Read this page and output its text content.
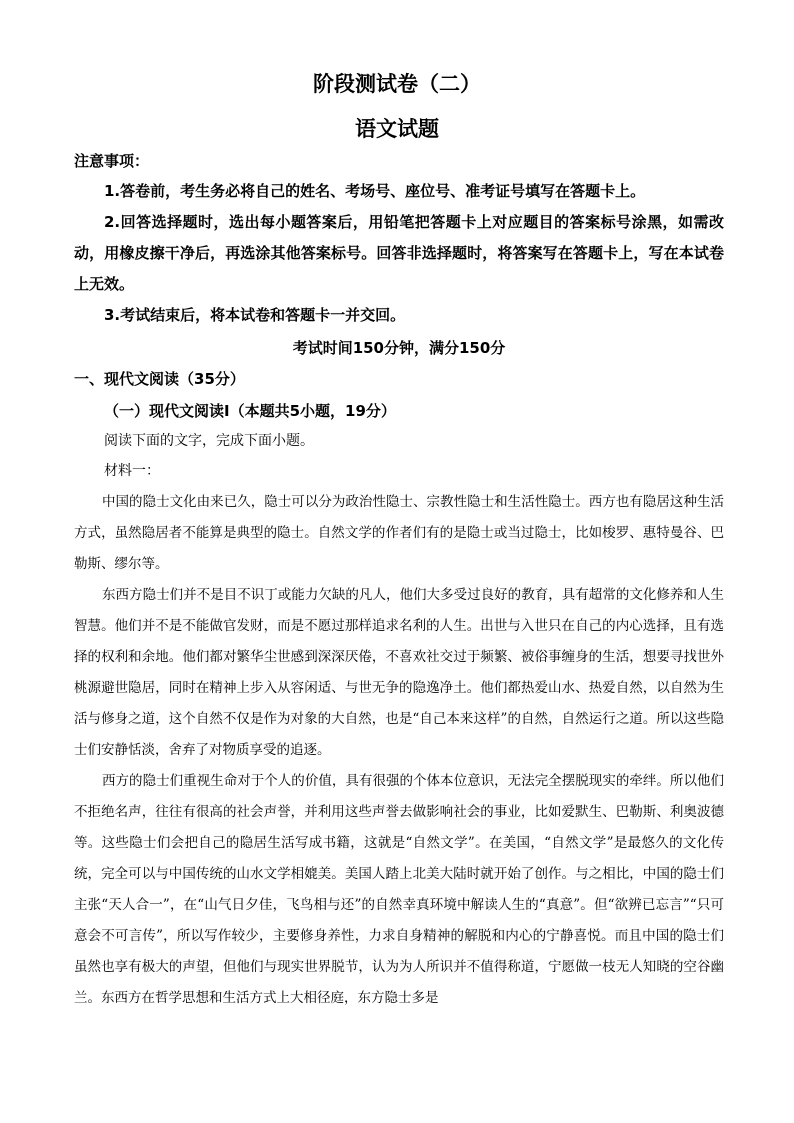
阶段测试卷（二）
语文试题
注意事项：
1.答卷前，考生务必将自己的姓名、考场号、座位号、准考证号填写在答题卡上。
2.回答选择题时，选出每小题答案后，用铅笔把答题卡上对应题目的答案标号涂黑，如需改动，用橡皮擦干净后，再选涂其他答案标号。回答非选择题时，将答案写在答题卡上，写在本试卷上无效。
3.考试结束后，将本试卷和答题卡一并交回。
考试时间150分钟，满分150分
一、现代文阅读（35分）
（一）现代文阅读Ⅰ（本题共5小题，19分）
阅读下面的文字，完成下面小题。
材料一：

中国的隐士文化由来已久，隐士可以分为政治性隐士、宗教性隐士和生活性隐士。西方也有隐居这种生活方式，虽然隐居者不能算是典型的隐士。自然文学的作者们有的是隐士或当过隐士，比如梭罗、惠特曼谷、巴勒斯、缪尔等。

东西方隐士们并不是目不识丁或能力欠缺的凡人，他们大多受过良好的教育，具有超常的文化修养和人生智慧。他们并不是不能做官发财，而是不愿过那样追求名利的人生。出世与入世只在自己的内心选择，且有选择的权利和余地。他们都对繁华尘世感到深深厌倦，不喜欢社交过于频繁、被俗事缠身的生活，想要寻找世外桃源避世隐居，同时在精神上步入从容闲适、与世无争的隐逸净土。他们都热爱山水、热爱自然，以自然为生活与修身之道，这个自然不仅是作为对象的大自然，也是“自己本来这样”的自然，自然运行之道。所以这些隐士们安静恬淡，舍弃了对物质享受的追逐。

西方的隐士们重视生命对于个人的价值，具有很强的个体本位意识，无法完全摆脱现实的牵绊。所以他们不拒绝名声，往往有很高的社会声誉，并利用这些声誉去做影响社会的事业，比如爱默生、巴勒斯、利奥波德等。这些隐士们会把自己的隐居生活写成书籍，这就是“自然文学”。在美国，“自然文学”是最悠久的文化传统，完全可以与中国传统的山水文学相媲美。美国人踏上北美大陆时就开始了创作。与之相比，中国的隐士们主张“天人合一”，在“山气日夕佳，飞鸟相与还”的自然幸真环境中解读人生的“真意”。但“欲辨已忘言”“只可意会不可言传”，所以写作较少，主要修身养性，力求自身精神的解脱和内心的宁静喜悦。而且中国的隐士们虽然也享有极大的声望，但他们与现实世界脱节，认为为人所识并不值得称道，宁愿做一枝无人知晓的空谷幽兰。东西方在哲学思想和生活方式上大相径庭，东方隐士多是
